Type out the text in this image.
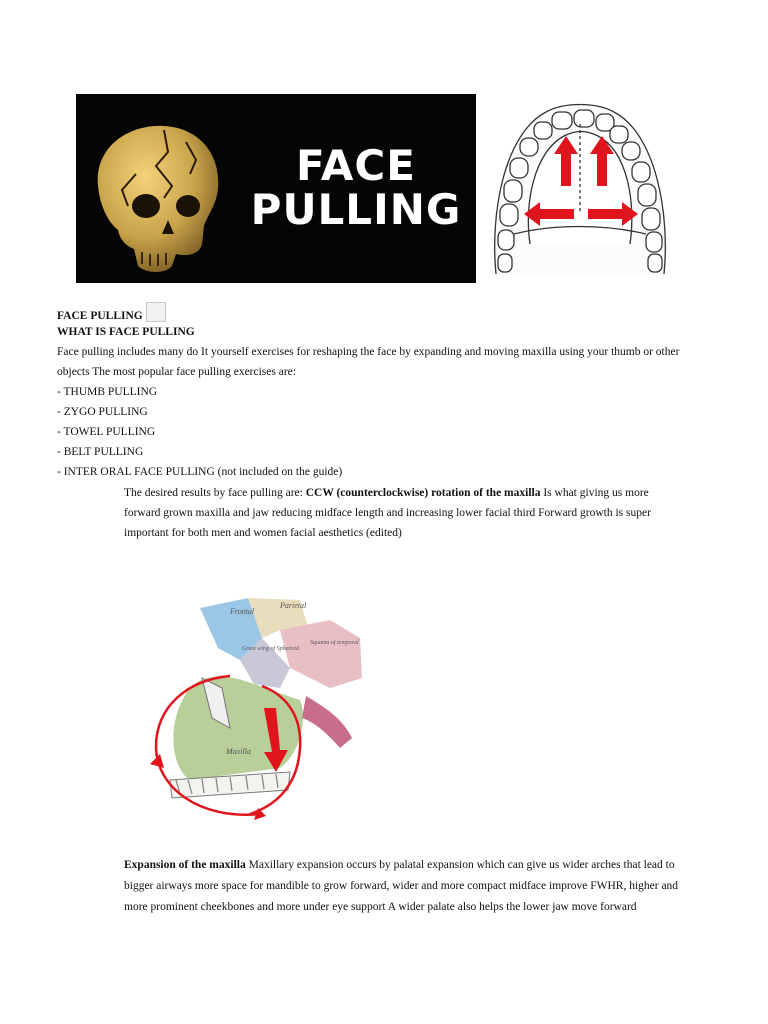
FACE
PULLING
FACE PULLING
WHAT IS FACE PULLING
Face pulling includes many do It yourself exercises for reshaping the face by expanding and moving maxilla using your thumb or other
objects The most popular face pulling exercises are:
- THUMB PULLING
- ZYGO PULLING
- TOWEL PULLING
- BELT PULLING
- INTER ORAL FACE PULLING (not included on the guide)
The desired results by face pulling are: CCW (counterclockwise) rotation of the maxilla Is what giving us more
forward grown maxilla and jaw reducing midface length and increasing lower facial third Forward growth is super
important for both men and women facial aesthetics (edited)
Frontal
Parietal
Great wing of Sphenoid
Squama of temporal
Maxilla
Expansion of the maxilla Maxillary expansion occurs by palatal expansion which can give us wider arches that lead to
bigger airways more space for mandible to grow forward, wider and more compact midface improve FWHR, higher and
more prominent cheekbones and more under eye support A wider palate also helps the lower jaw move forward
